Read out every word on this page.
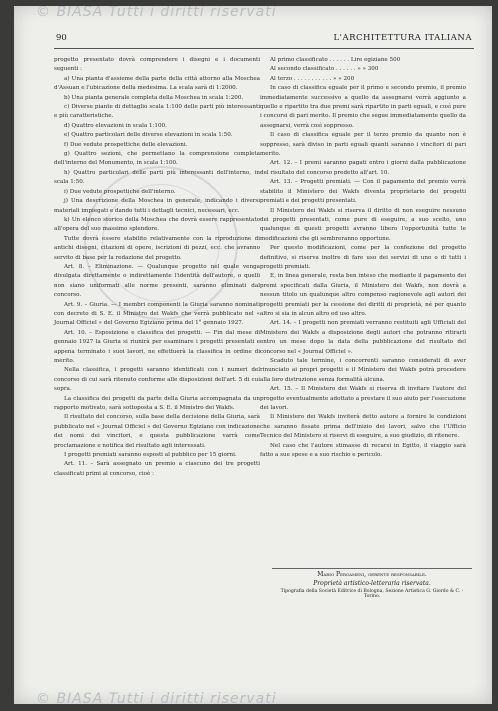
© BIASA Tutti i diritti riservati
90	L'ARCHITETTURA ITALIANA

progetto presentato dovrà comprendere i disegni e i documenti seguenti :

a) Una pianta d'assieme della parte della città attorno alla Moschea d'Assuan e l'ubicazione della medesima. La scala sarà di 1:2000.

b) Una pianta generale completa della Moschea in scala 1:200.

c) Diverse piante di dettaglio scala 1:100 delle parti più interessanti e più caratteristiche.

d) Quattro elevazioni in scala 1:100.

e) Quattro particolari delle diverse elevazioni in scala 1:50.

f) Due vedute prospettiche delle elevazioni.

g) Quattro sezioni, che permettano la comprensione completa dell'interno del Monumento, in scala 1:100.

h) Quattro particolari delle parti più interessanti dell'interno, in scala 1:50.

i) Due vedute prospettiche dell'interno.

j) Una descrizione della Moschea in generale, indicando i diversi materiali impiegati e dando tutti i dettagli tecnici, necessari, ecc.

k) Un elenco storico della Moschea che dovrà essere rappresentato all'opera del suo massimo splendore.

Tutte dovrà essere stabilito relativamente con la riproduzione di antichi disegni, citazioni di opere, iscrizioni di pezzi, ecc. che avranno servito di base per la redazione del progetto.

Art. 8. – Eliminazione. — Qualunque progetto nel quale venga divulgata direttamente o indirettamente l'identità dell'autore, o quelli non siano uniformati alle norme presenti, saranno eliminati dal concorso.

Art. 9. – Giuria. — I membri componenti la Giuria saranno nominati con decreto di S. E. il Ministro dei Wakfs che verrà pubblicato nel « Journal Officiel » del Governo Egiziano prima del 1° gennaio 1927.

Art. 10. – Esposizione e classifica dei progetti. — Fin dal mese di gennaio 1927 la Giuria si riunirà per esaminare i progetti presentati e appena terminato i suoi lavori, ne effettuerà la classifica in ordine di merito.

Nella classifica, i progetti saranno identificati con i numeri del concorso di cui sarà ritenuto conforme alle disposizioni dell'art. 5 di cui sopra.

La classifica dei progetti da parte della Giuria accompagnata da un rapporto motivato, sarà sottoposta a S. E. il Ministro dei Wakfs.

Il risultato del concorso, sulla base della decisione della Giuria, sarà pubblicato nel « Journal Officiel » del Governo Egiziano con indicazione dei nomi dei vincitori, e questa pubblicazione varrà come proclamazione e notifica del risultato agli interessati.

I progetti premiati saranno esposti al pubblico per 15 giorni.

Art. 11. – Sarà assegnato un premio a ciascuno dei tre progetti classificati primi al concorso, cioè :

Al primo classificato . . . . . . Lire egiziane 500

Al secondo classificato . . . . . . » » 300

Al terzo . . . . . . . . . . . » » 200

In caso di classifica eguale per il primo e secondo premio, il premio immediatamente successivo a quello da assegnarsi verrà aggiunto a quello e ripartito tra due premi sarà ripartito in parti eguali, e così pure i concorsi di pari merito. Il premio che segue immediatamente quello da assegnarsi, verrà così soppresso.

Il caso di classifica eguale per il terzo premio da quanto non è soppresso, sarà diviso in parti eguali quanti saranno i vincitori di pari merito.

Art. 12. – I premi saranno pagati entro i giorni dalla pubblicazione del risultato del concorso predetto all'art. 10.

Art. 13. – Progetti premiati. — Con il pagamento del premio verrà stabilito il Ministero dei Wakfs diventa proprietario dei progetti premiati e dei progetti presentati.

Il Ministero dei Wakfs si riserva il diritto di non eseguire nessuno dei progetti presentati, come pure di eseguire, a suo scelto, uno qualunque di questi progetti avranno libero l'opportunità tutte le modificazioni che gli sembreranno opportune.

Per questo modificazioni, come per la confezione del progetto definitivo, si riserva inoltre di fare uso dei servizi di uno o di tutti i progetti premiati.

E, in linea generale, resta ben inteso che mediante il pagamento dei premi specificati dalla Giuria, il Ministero dei Wakfs, non dovrà a nessun titolo un qualunque altro compenso ragionevole agli autori dei progetti premiati per la cessione dei diritti di proprietà, né per quanto altro si sia in alcun altro ed uso altro.

Art. 14. – I progetti non premiati verranno restituiti agli Ufficiali del Ministero dei Wakfs a disposizione degli autori che potranno ritirarli entro un mese dopo la data della pubblicazione del risultato del concorso nel « Journal Officiel ».

Scaduto tale termine, i concorrenti saranno considerati di aver rinunciato ai propri progetti e il Ministero dei Wakfs potrà procedere alla loro distruzione senza formalità alcuna.

Art. 15. – Il Ministero dei Wakfs si riserva di invitare l'autore del progetto eventualmente adottato a prestare il suo aiuto per l'esecuzione dei lavori.

Il Ministero dei Wakfs inviterà detto autore a fornire le condizioni che saranno fissate prima dell'inizio dei lavori, salvo che l'Ufficio Tecnico del Ministero si riservi di eseguire, a suo giudizio, di ritenere.

Nel caso che l'autore stimasse di recarsi in Egitto, il viaggio sarà fatto a sue spese e a suo rischio e pericolo.

Mario Pergameni, gerente responsabile.
Proprietà artistico-letteraria riservata.
Tipografia della Società Editrice di Bologna, Sezione Artistica G. Giordo & C. - Torino.
© BIASA Tutti i diritti riservati
